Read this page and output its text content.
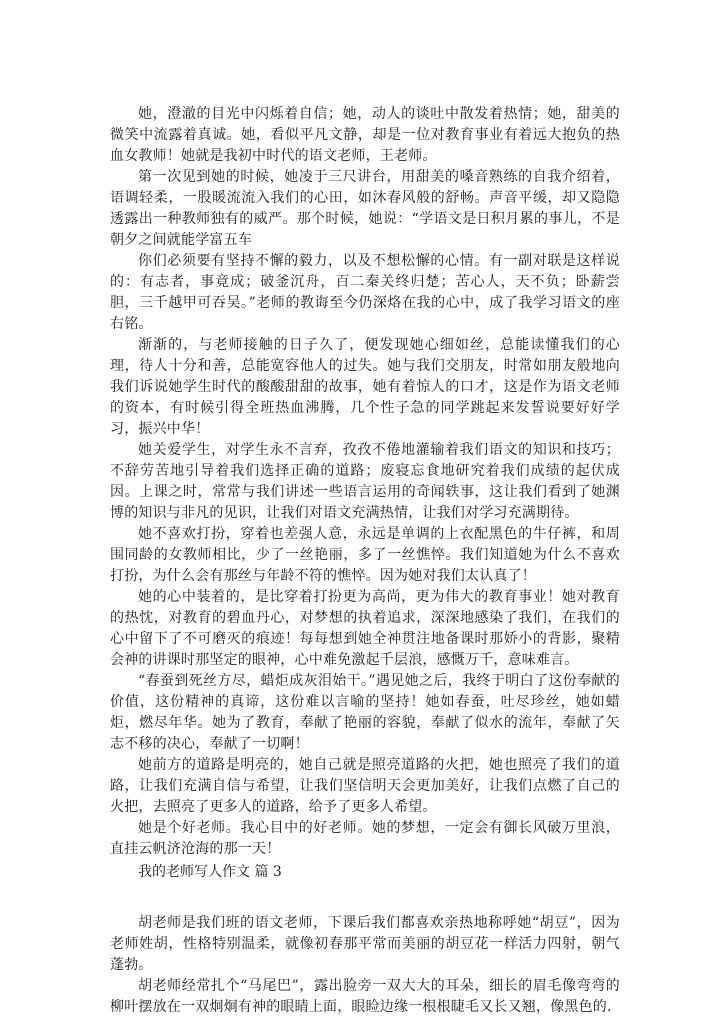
她，澄澈的目光中闪烁着自信；她，动人的谈吐中散发着热情；她，甜美的微笑中流露着真诚。她，看似平凡文静，却是一位对教育事业有着远大抱负的热血女教师！她就是我初中时代的语文老师，王老师。

第一次见到她的时候，她凌于三尺讲台，用甜美的嗓音熟练的自我介绍着，语调轻柔，一股暖流流入我们的心田，如沐春风般的舒畅。声音平缓，却又隐隐透露出一种教师独有的威严。那个时候，她说：“学语文是日积月累的事儿，不是朝夕之间就能学富五车

你们必须要有坚持不懈的毅力，以及不想松懈的心情。有一副对联是这样说的：有志者，事竟成；破釜沉舟，百二秦关终归楚；苦心人，天不负；卧薪尝胆，三千越甲可吞吴。”老师的教诲至今仍深烙在我的心中，成了我学习语文的座右铭。

渐渐的，与老师接触的日子久了，便发现她心细如丝，总能读懂我们的心理，待人十分和善，总能宽容他人的过失。她与我们交朋友，时常如朋友般地向我们诉说她学生时代的酸酸甜甜的故事，她有着惊人的口才，这是作为语文老师的资本，有时候引得全班热血沸腾，几个性子急的同学跳起来发誓说要好好学习，振兴中华！

她关爱学生，对学生永不言弃，孜孜不倦地灌输着我们语文的知识和技巧；不辞劳苦地引导着我们选择正确的道路；废寝忘食地研究着我们成绩的起伏成因。上课之时，常常与我们讲述一些语言运用的奇闻轶事，这让我们看到了她渊博的知识与非凡的见识，让我们对语文充满热情，让我们对学习充满期待。

她不喜欢打扮，穿着也差强人意，永远是单调的上衣配黑色的牛仔裤，和周围同龄的女教师相比，少了一丝艳丽，多了一丝憔悴。我们知道她为什么不喜欢打扮，为什么会有那丝与年龄不符的憔悴。因为她对我们太认真了！

她的心中装着的，是比穿着打扮更为高尚，更为伟大的教育事业！她对教育的热忱，对教育的碧血丹心，对梦想的执着追求，深深地感染了我们，在我们的心中留下了不可磨灭的痕迹！每每想到她全神贯注地备课时那娇小的背影，聚精会神的讲课时那坚定的眼神，心中难免激起千层浪，感慨万千，意味难言。

“春蚕到死丝方尽，蜡炬成灰泪始干。”遇见她之后，我终于明白了这份奉献的价值，这份精神的真谛，这份难以言喻的坚持！她如春蚕，吐尽珍丝，她如蜡炬，燃尽年华。她为了教育，奉献了艳丽的容貌，奉献了似水的流年，奉献了矢志不移的决心，奉献了一切啊！

她前方的道路是明亮的，她自己就是照亮道路的火把，她也照亮了我们的道路，让我们充满自信与希望，让我们坚信明天会更加美好，让我们点燃了自己的火把，去照亮了更多人的道路，给予了更多人希望。

她是个好老师。我心目中的好老师。她的梦想，一定会有御长风破万里浪，直挂云帆济沧海的那一天！

我的老师写人作文 篇 3

胡老师是我们班的语文老师，下课后我们都喜欢亲热地称呼她“胡豆”，因为老师姓胡，性格特别温柔，就像初春那平常而美丽的胡豆花一样活力四射，朝气蓬勃。

胡老师经常扎个“马尾巴”，露出脸旁一双大大的耳朵，细长的眉毛像弯弯的柳叶摆放在一双炯炯有神的眼睛上面，眼睑边缘一根根睫毛又长又翘，像黑色的.
